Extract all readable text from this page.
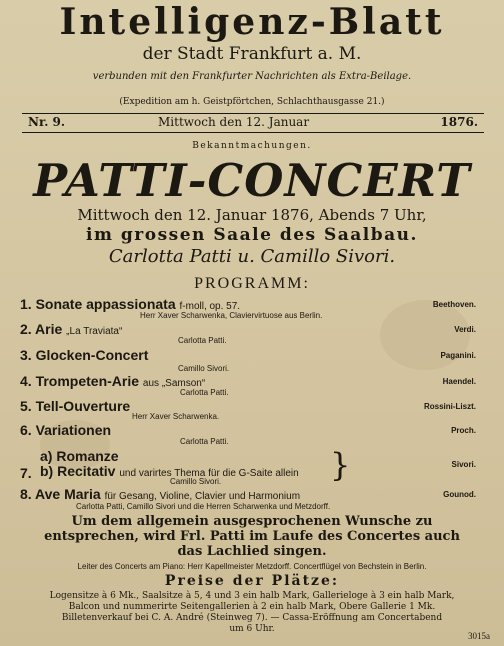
Intelligenz-Blatt
der Stadt Frankfurt a. M.
verbunden mit den Frankfurter Nachrichten als Extra-Beilage.
(Expedition am h. Geistpförtchen, Schlachthausgasse 21.)
Nr. 9.	Mittwoch den 12. Januar	1876.
Bekanntmachungen.
PATTI-CONCERT
Mittwoch den 12. Januar 1876, Abends 7 Uhr,
im grossen Saale des Saalbau.
Carlotta Patti u. Camillo Sivori.
PROGRAMM:
1. Sonate appassionata f-moll, op. 57.	Beethoven.
Herr Xaver Scharwenka, Claviervirtuose aus Berlin.
2. Arie „La Traviata“	Verdi.
Carlotta Patti.
3. Glocken-Concert	Paganini.
Camillo Sivori.
4. Trompeten-Arie aus „Samson“	Haendel.
Carlotta Patti.
5. Tell-Ouverture	Rossini-Liszt.
Herr Xaver Scharwenka.
6. Variationen	Proch.
Carlotta Patti.
7.
a) Romanze
b) Recitativ und varirtes Thema für die G-Saite allein }	Sivori.
Camillo Sivori.
8. Ave Maria für Gesang, Violine, Clavier und Harmonium	Gounod.
Carlotta Patti, Camillo Sivori und die Herren Scharwenka und Metzdorff.
Um dem allgemein ausgesprochenen Wunsche zu entsprechen, wird Frl. Patti im Laufe des Concertes auch das Lachlied singen.
Leiter des Concerts am Piano: Herr Kapellmeister Metzdorff. Concertflügel von Bechstein in Berlin.
Preise der Plätze:
Logensitze à 6 Mk., Saalsitze à 5, 4 und 3 ein halb Mark, Gallerieloge à 3 ein halb Mark,
Balcon und nummerirte Seitengallerien à 2 ein halb Mark, Obere Gallerie 1 Mk.
Billetenverkauf bei C. A. André (Steinweg 7). — Cassa-Eröffnung am Concertabend
um 6 Uhr.
3015a
